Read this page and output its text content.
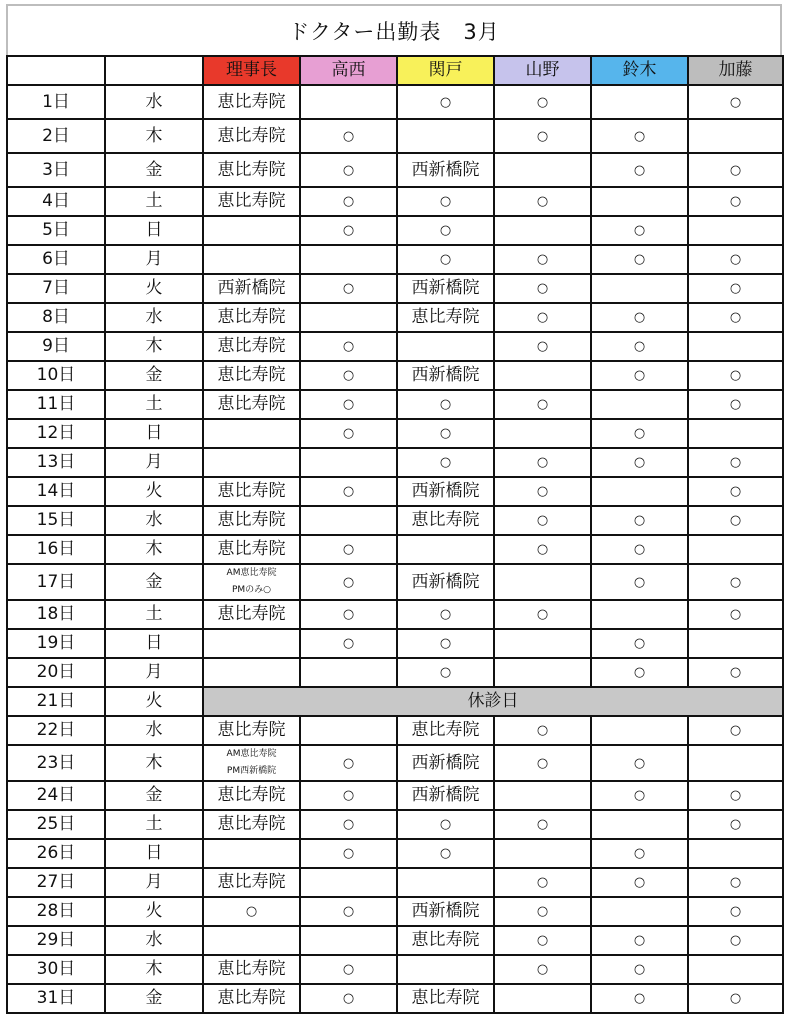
ドクター出勤表　3月
		理事長	高西	関戸	山野	鈴木	加藤
1日	水	恵比寿院		○	○		○
2日	木	恵比寿院	○		○	○	
3日	金	恵比寿院	○	西新橋院		○	○
4日	土	恵比寿院	○	○	○		○
5日	日		○	○		○	
6日	月			○	○	○	○
7日	火	西新橋院	○	西新橋院	○		○
8日	水	恵比寿院		恵比寿院	○	○	○
9日	木	恵比寿院	○		○	○	
10日	金	恵比寿院	○	西新橋院		○	○
11日	土	恵比寿院	○	○	○		○
12日	日		○	○		○	
13日	月			○	○	○	○
14日	火	恵比寿院	○	西新橋院	○		○
15日	水	恵比寿院		恵比寿院	○	○	○
16日	木	恵比寿院	○		○	○	
17日	金	AM恵比寿院
PMのみ○	○	西新橋院		○	○
18日	土	恵比寿院	○	○	○		○
19日	日		○	○		○	
20日	月			○		○	○
21日	火	休診日					
22日	水	恵比寿院		恵比寿院	○		○
23日	木	AM恵比寿院
PM西新橋院	○	西新橋院	○	○	
24日	金	恵比寿院	○	西新橋院		○	○
25日	土	恵比寿院	○	○	○		○
26日	日		○	○		○	
27日	月	恵比寿院			○	○	○
28日	火	○	○	西新橋院	○		○
29日	水			恵比寿院	○	○	○
30日	木	恵比寿院	○		○	○	
31日	金	恵比寿院	○	恵比寿院		○	○
